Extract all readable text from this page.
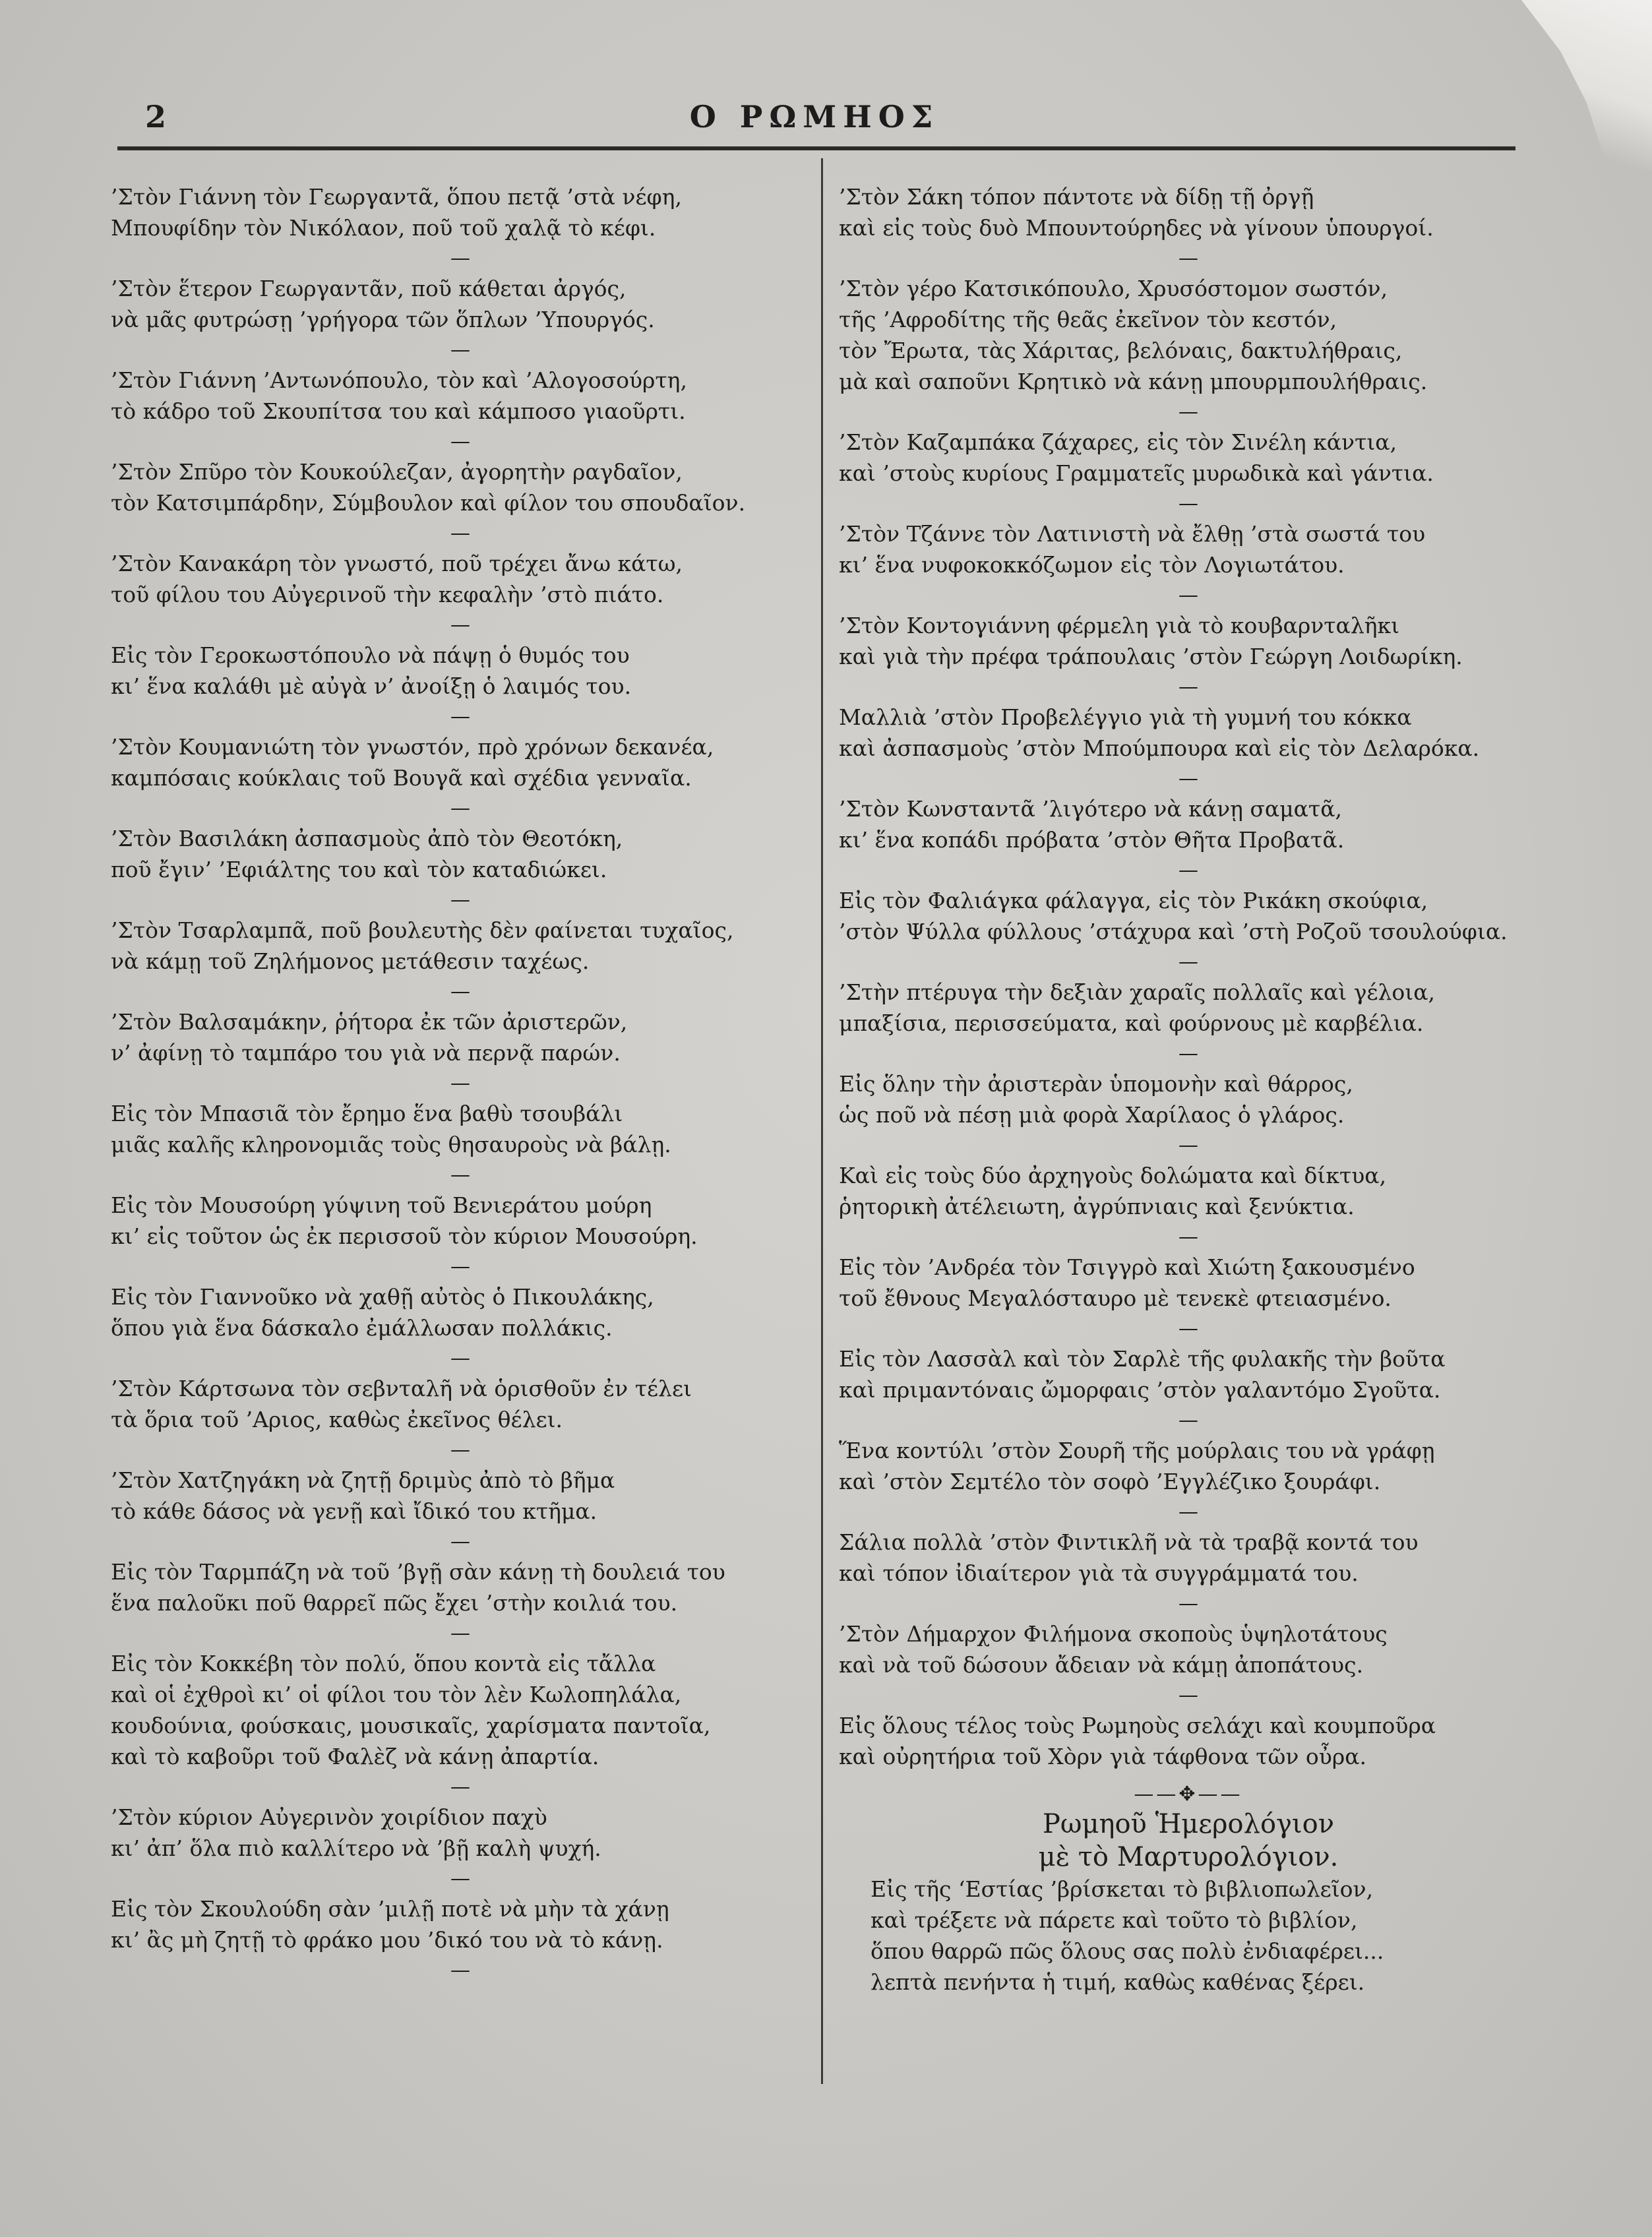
2	Ο ΡΩΜΗΟΣ
’Στὸν Γιάννη τὸν Γεωργαντᾶ, ὅπου πετᾷ ’στὰ νέφη,
Μπουφίδην τὸν Νικόλαον, ποῦ τοῦ χαλᾷ τὸ κέφι.
—
’Στὸν ἕτερον Γεωργαντᾶν, ποῦ κάθεται ἀργός,
νὰ μᾶς φυτρώσῃ ’γρήγορα τῶν ὅπλων ’Υπουργός.
—
’Στὸν Γιάννη ’Αντωνόπουλο, τὸν καὶ ’Αλογοσούρτη,
τὸ κάδρο τοῦ Σκουπίτσα του καὶ κάμποσο γιαοῦρτι.
—
’Στὸν Σπῦρο τὸν Κουκούλεζαν, ἀγορητὴν ραγδαῖον,
τὸν Κατσιμπάρδην, Σύμβουλον καὶ φίλον του σπουδαῖον.
—
’Στὸν Κανακάρη τὸν γνωστό, ποῦ τρέχει ἄνω κάτω,
τοῦ φίλου του Αὐγερινοῦ τὴν κεφαλὴν ’στὸ πιάτο.
—
Εἰς τὸν Γεροκωστόπουλο νὰ πάψῃ ὁ θυμός του
κι’ ἕνα καλάθι μὲ αὐγὰ ν’ ἀνοίξῃ ὁ λαιμός του.
—
’Στὸν Κουμανιώτη τὸν γνωστόν, πρὸ χρόνων δεκανέα,
καμπόσαις κούκλαις τοῦ Βουγᾶ καὶ σχέδια γενναῖα.
—
’Στὸν Βασιλάκη ἀσπασμοὺς ἀπὸ τὸν Θεοτόκη,
ποῦ ἔγιν’ ’Εφιάλτης του καὶ τὸν καταδιώκει.
—
’Στὸν Τσαρλαμπᾶ, ποῦ βουλευτὴς δὲν φαίνεται τυχαῖος,
νὰ κάμῃ τοῦ Ζηλήμονος μετάθεσιν ταχέως.
—
’Στὸν Βαλσαμάκην, ῥήτορα ἐκ τῶν ἀριστερῶν,
ν’ ἀφίνῃ τὸ ταμπάρο του γιὰ νὰ περνᾷ παρών.
—
Εἰς τὸν Μπασιᾶ τὸν ἔρημο ἕνα βαθὺ τσουβάλι
μιᾶς καλῆς κληρονομιᾶς τοὺς θησαυροὺς νὰ βάλῃ.
—
Εἰς τὸν Μουσούρη γύψινη τοῦ Βενιεράτου μούρη
κι’ εἰς τοῦτον ὡς ἐκ περισσοῦ τὸν κύριον Μουσούρη.
—
Εἰς τὸν Γιαννοῦκο νὰ χαθῇ αὐτὸς ὁ Πικουλάκης,
ὅπου γιὰ ἕνα δάσκαλο ἐμάλλωσαν πολλάκις.
—
’Στὸν Κάρτσωνα τὸν σεβνταλῆ νὰ ὁρισθοῦν ἐν τέλει
τὰ ὅρια τοῦ ’Αριος, καθὼς ἐκεῖνος θέλει.
—
’Στὸν Χατζηγάκη νὰ ζητῇ δριμὺς ἀπὸ τὸ βῆμα
τὸ κάθε δάσος νὰ γενῇ καὶ ἴδικό του κτῆμα.
—
Εἰς τὸν Ταρμπάζη νὰ τοῦ ’βγῇ σὰν κάνῃ τὴ δουλειά του
ἕνα παλοῦκι ποῦ θαρρεῖ πῶς ἔχει ’στὴν κοιλιά του.
—
Εἰς τὸν Κοκκέβη τὸν πολύ, ὅπου κοντὰ εἰς τἄλλα
καὶ οἱ ἐχθροὶ κι’ οἱ φίλοι του τὸν λὲν Κωλοπηλάλα,
κουδούνια, φούσκαις, μουσικαῖς, χαρίσματα παντοῖα,
καὶ τὸ καβοῦρι τοῦ Φαλὲζ νὰ κάνῃ ἀπαρτία.
—
’Στὸν κύριον Αὐγερινὸν χοιρίδιον παχὺ
κι’ ἀπ’ ὅλα πιὸ καλλίτερο νὰ ’βῇ καλὴ ψυχή.
—
Εἰς τὸν Σκουλούδη σὰν ’μιλῇ ποτὲ νὰ μὴν τὰ χάνῃ
κι’ ἂς μὴ ζητῇ τὸ φράκο μου ’δικό του νὰ τὸ κάνῃ.
—
’Στὸν Σάκη τόπον πάντοτε νὰ δίδῃ τῇ ὀργῇ
καὶ εἰς τοὺς δυὸ Μπουντούρηδες νὰ γίνουν ὑπουργοί.
—
’Στὸν γέρο Κατσικόπουλο, Χρυσόστομον σωστόν,
τῆς ’Αφροδίτης τῆς θεᾶς ἐκεῖνον τὸν κεστόν,
τὸν Ἔρωτα, τὰς Χάριτας, βελόναις, δακτυλήθραις,
μὰ καὶ σαποῦνι Κρητικὸ νὰ κάνῃ μπουρμπουλήθραις.
—
’Στὸν Καζαμπάκα ζάχαρες, εἰς τὸν Σινέλη κάντια,
καὶ ’στοὺς κυρίους Γραμματεῖς μυρωδικὰ καὶ γάντια.
—
’Στὸν Τζάννε τὸν Λατινιστὴ νὰ ἔλθῃ ’στὰ σωστά του
κι’ ἕνα νυφοκοκκόζωμον εἰς τὸν Λογιωτάτου.
—
’Στὸν Κοντογιάννη φέρμελη γιὰ τὸ κουβαρνταλῆκι
καὶ γιὰ τὴν πρέφα τράπουλαις ’στὸν Γεώργη Λοιδωρίκη.
—
Μαλλιὰ ’στὸν Προβελέγγιο γιὰ τὴ γυμνή του κόκκα
καὶ ἀσπασμοὺς ’στὸν Μπούμπουρα καὶ εἰς τὸν Δελαρόκα.
—
’Στὸν Κωνσταντᾶ ’λιγότερο νὰ κάνῃ σαματᾶ,
κι’ ἕνα κοπάδι πρόβατα ’στὸν Θῆτα Προβατᾶ.
—
Εἰς τὸν Φαλιάγκα φάλαγγα, εἰς τὸν Ρικάκη σκούφια,
’στὸν Ψύλλα φύλλους ’στάχυρα καὶ ’στὴ Ροζοῦ τσουλούφια.
—
’Στὴν πτέρυγα τὴν δεξιὰν χαραῖς πολλαῖς καὶ γέλοια,
μπαξίσια, περισσεύματα, καὶ φούρνους μὲ καρβέλια.
—
Εἰς ὅλην τὴν ἀριστερὰν ὑπομονὴν καὶ θάρρος,
ὡς ποῦ νὰ πέσῃ μιὰ φορὰ Χαρίλαος ὁ γλάρος.
—
Καὶ εἰς τοὺς δύο ἀρχηγοὺς δολώματα καὶ δίκτυα,
ῥητορικὴ ἀτέλειωτη, ἀγρύπνιαις καὶ ξενύκτια.
—
Εἰς τὸν ’Ανδρέα τὸν Τσιγγρὸ καὶ Χιώτη ξακουσμένο
τοῦ ἔθνους Μεγαλόσταυρο μὲ τενεκὲ φτειασμένο.
—
Εἰς τὸν Λασσὰλ καὶ τὸν Σαρλὲ τῆς φυλακῆς τὴν βοῦτα
καὶ πριμαντόναις ὤμορφαις ’στὸν γαλαντόμο Σγοῦτα.
—
Ἕνα κοντύλι ’στὸν Σουρῆ τῆς μούρλαις του νὰ γράφῃ
καὶ ’στὸν Σεμτέλο τὸν σοφὸ ’Εγγλέζικο ξουράφι.
—
Σάλια πολλὰ ’στὸν Φιντικλῆ νὰ τὰ τραβᾷ κοντά του
καὶ τόπον ἰδιαίτερον γιὰ τὰ συγγράμματά του.
—
’Στὸν Δήμαρχον Φιλήμονα σκοποὺς ὑψηλοτάτους
καὶ νὰ τοῦ δώσουν ἄδειαν νὰ κάμῃ ἀποπάτους.
—
Εἰς ὅλους τέλος τοὺς Ρωμηοὺς σελάχι καὶ κουμποῦρα
καὶ οὐρητήρια τοῦ Χὸρν γιὰ τάφθονα τῶν οὖρα.
——✥——
Ρωμηοῦ Ἡμερολόγιον
μὲ τὸ Μαρτυρολόγιον.
Εἰς τῆς ‘Εστίας ’βρίσκεται τὸ βιβλιοπωλεῖον,
καὶ τρέξετε νὰ πάρετε καὶ τοῦτο τὸ βιβλίον,
ὅπου θαρρῶ πῶς ὅλους σας πολὺ ἐνδιαφέρει...
λεπτὰ πενήντα ἡ τιμή, καθὼς καθένας ξέρει.
